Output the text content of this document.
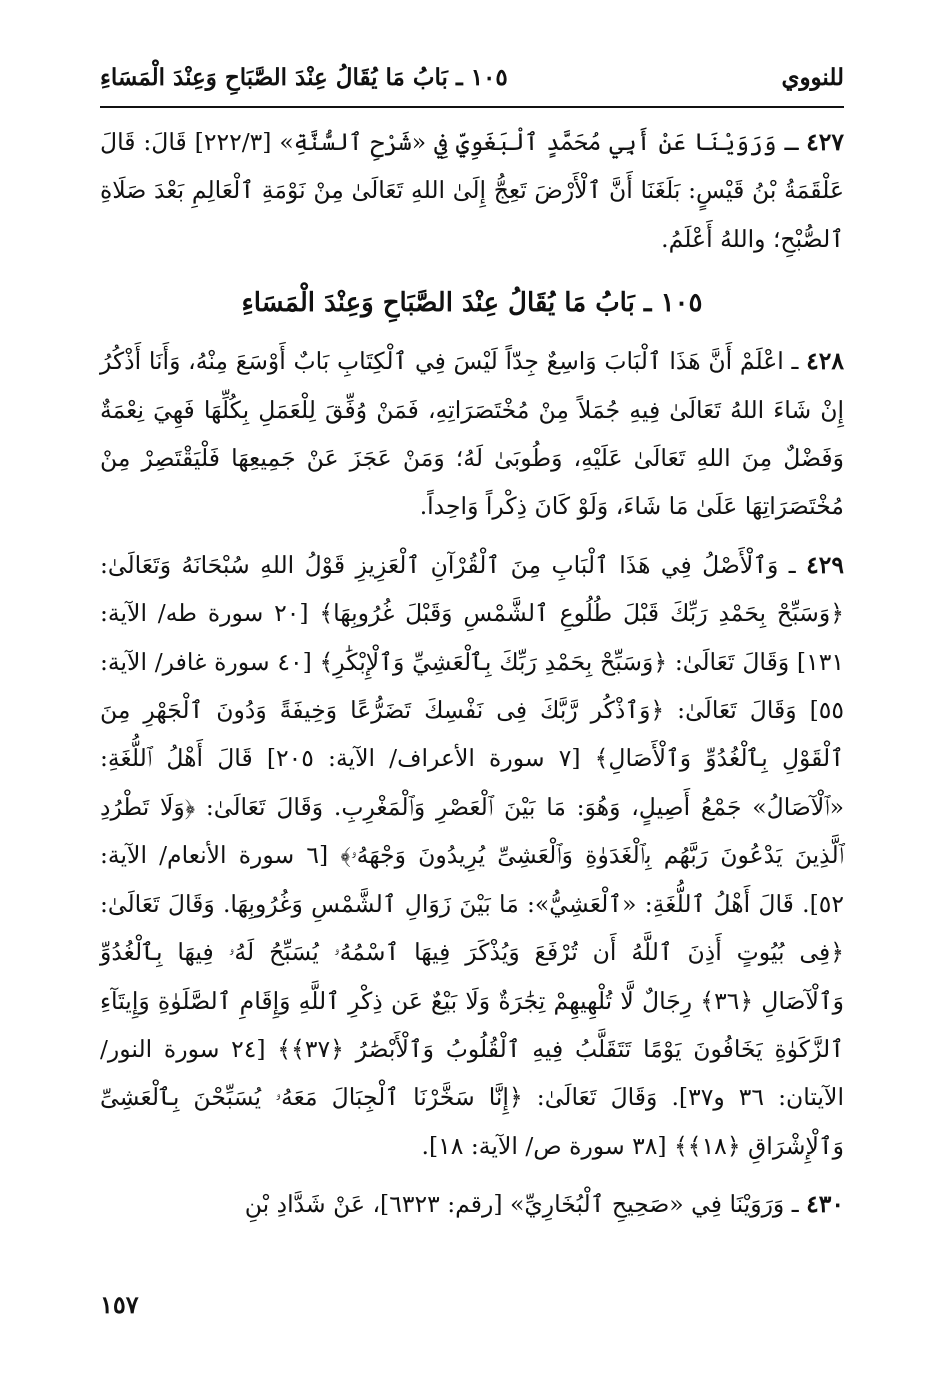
للنووي
١٠٥ ـ بَابُ مَا يُقَالُ عِنْدَ الصَّبَاحِ وَعِنْدَ الْمَسَاءِ

٤٢٧ ـ وَرَوَيْنَا عَنْ أَبِي مُحَمَّدٍ ٱلْبَغَوِيِّ فِي «شَرْحِ ٱلسُّنَّةِ» [٢٢٢/٣] قَالَ: قَالَ عَلْقَمَةُ بْنُ قَيْسٍ: بَلَغَنَا أَنَّ ٱلْأَرْضَ تَعِجُّ إِلَىٰ اللهِ تَعَالَىٰ مِنْ نَوْمَةِ ٱلْعَالِمِ بَعْدَ صَلَاةِ ٱلصُّبْحِ؛ واللهُ أَعْلَمُ.

١٠٥ ـ بَابُ مَا يُقَالُ عِنْدَ الصَّبَاحِ وَعِنْدَ الْمَسَاءِ

٤٢٨ ـ اعْلَمْ أَنَّ هَذَا ٱلْبَابَ وَاسِعٌ جِدّاً لَيْسَ فِي ٱلْكِتَابِ بَابٌ أَوْسَعَ مِنْهُ، وَأَنَا أَذْكُرُ إِنْ شَاءَ اللهُ تَعَالَىٰ فِيهِ جُمَلاً مِنْ مُخْتَصَرَاتِهِ، فَمَنْ وُفِّقَ لِلْعَمَلِ بِكُلِّهَا فَهِيَ نِعْمَةٌ وَفَضْلٌ مِنَ اللهِ تَعَالَىٰ عَلَيْهِ، وَطُوبَىٰ لَهُ؛ وَمَنْ عَجَزَ عَنْ جَمِيعِهَا فَلْيَقْتَصِرْ مِنْ مُخْتَصَرَاتِهَا عَلَىٰ مَا شَاءَ، وَلَوْ كَانَ ذِكْراً وَاحِداً.

٤٢٩ ـ وَٱلْأَصْلُ فِي هَذَا ٱلْبَابِ مِنَ ٱلْقُرْآنِ ٱلْعَزِيزِ قَوْلُ اللهِ سُبْحَانَهُ وَتَعَالَىٰ: ﴿وَسَبِّحْ بِحَمْدِ رَبِّكَ قَبْلَ طُلُوعِ ٱلشَّمْسِ وَقَبْلَ غُرُوبِهَا﴾ [٢٠ سورة طه/ الآية: ١٣١] وَقَالَ تَعَالَىٰ: ﴿وَسَبِّحْ بِحَمْدِ رَبِّكَ بِٱلْعَشِيِّ وَٱلْإِبْكَٰرِ﴾ [٤٠ سورة غافر/ الآية: ٥٥] وَقَالَ تَعَالَىٰ: ﴿وَٱذْكُر رَّبَّكَ فِى نَفْسِكَ تَضَرُّعًا وَخِيفَةً وَدُونَ ٱلْجَهْرِ مِنَ ٱلْقَوْلِ بِٱلْغُدُوِّ وَٱلْأَصَالِ﴾ [٧ سورة الأعراف/ الآية: ٢٠٥] قَالَ أَهْلُ ٱللُّغَةِ: «ٱلْآصَالُ» جَمْعُ أَصِيلٍ، وَهُوَ: مَا بَيْنَ ٱلْعَصْرِ وَٱلْمَغْرِبِ. وَقَالَ تَعَالَىٰ: ﴿وَلَا تَطْرُدِ ٱلَّذِينَ يَدْعُونَ رَبَّهُم بِٱلْغَدَوٰةِ وَٱلْعَشِىِّ يُرِيدُونَ وَجْهَهُۥ﴾ [٦ سورة الأنعام/ الآية: ٥٢]. قَالَ أَهْلُ ٱللُّغَةِ: «ٱلْعَشِيُّ»: مَا بَيْنَ زَوَالِ ٱلشَّمْسِ وَغُرُوبِهَا. وَقَالَ تَعَالَىٰ: ﴿فِى بُيُوتٍ أَذِنَ ٱللَّهُ أَن تُرْفَعَ وَيُذْكَرَ فِيهَا ٱسْمُهُۥ يُسَبِّحُ لَهُۥ فِيهَا بِٱلْغُدُوِّ وَٱلْآصَالِ ﴿٣٦﴾ رِجَالٌ لَّا تُلْهِيهِمْ تِجَٰرَةٌ وَلَا بَيْعٌ عَن ذِكْرِ ٱللَّهِ وَإِقَامِ ٱلصَّلَوٰةِ وَإِيتَآءِ ٱلزَّكَوٰةِ يَخَافُونَ يَوْمًا تَتَقَلَّبُ فِيهِ ٱلْقُلُوبُ وَٱلْأَبْصَٰرُ ﴿٣٧﴾﴾ [٢٤ سورة النور/ الآيتان: ٣٦ و٣٧]. وَقَالَ تَعَالَىٰ: ﴿إِنَّا سَخَّرْنَا ٱلْجِبَالَ مَعَهُۥ يُسَبِّحْنَ بِٱلْعَشِىِّ وَٱلْإِشْرَاقِ ﴿١٨﴾﴾ [٣٨ سورة ص/ الآية: ١٨].

٤٣٠ ـ وَرَوَيْنَا فِي «صَحِيحِ ٱلْبُخَارِيِّ» [رقم: ٦٣٢٣]، عَنْ شَدَّادِ بْنِ

١٥٧
